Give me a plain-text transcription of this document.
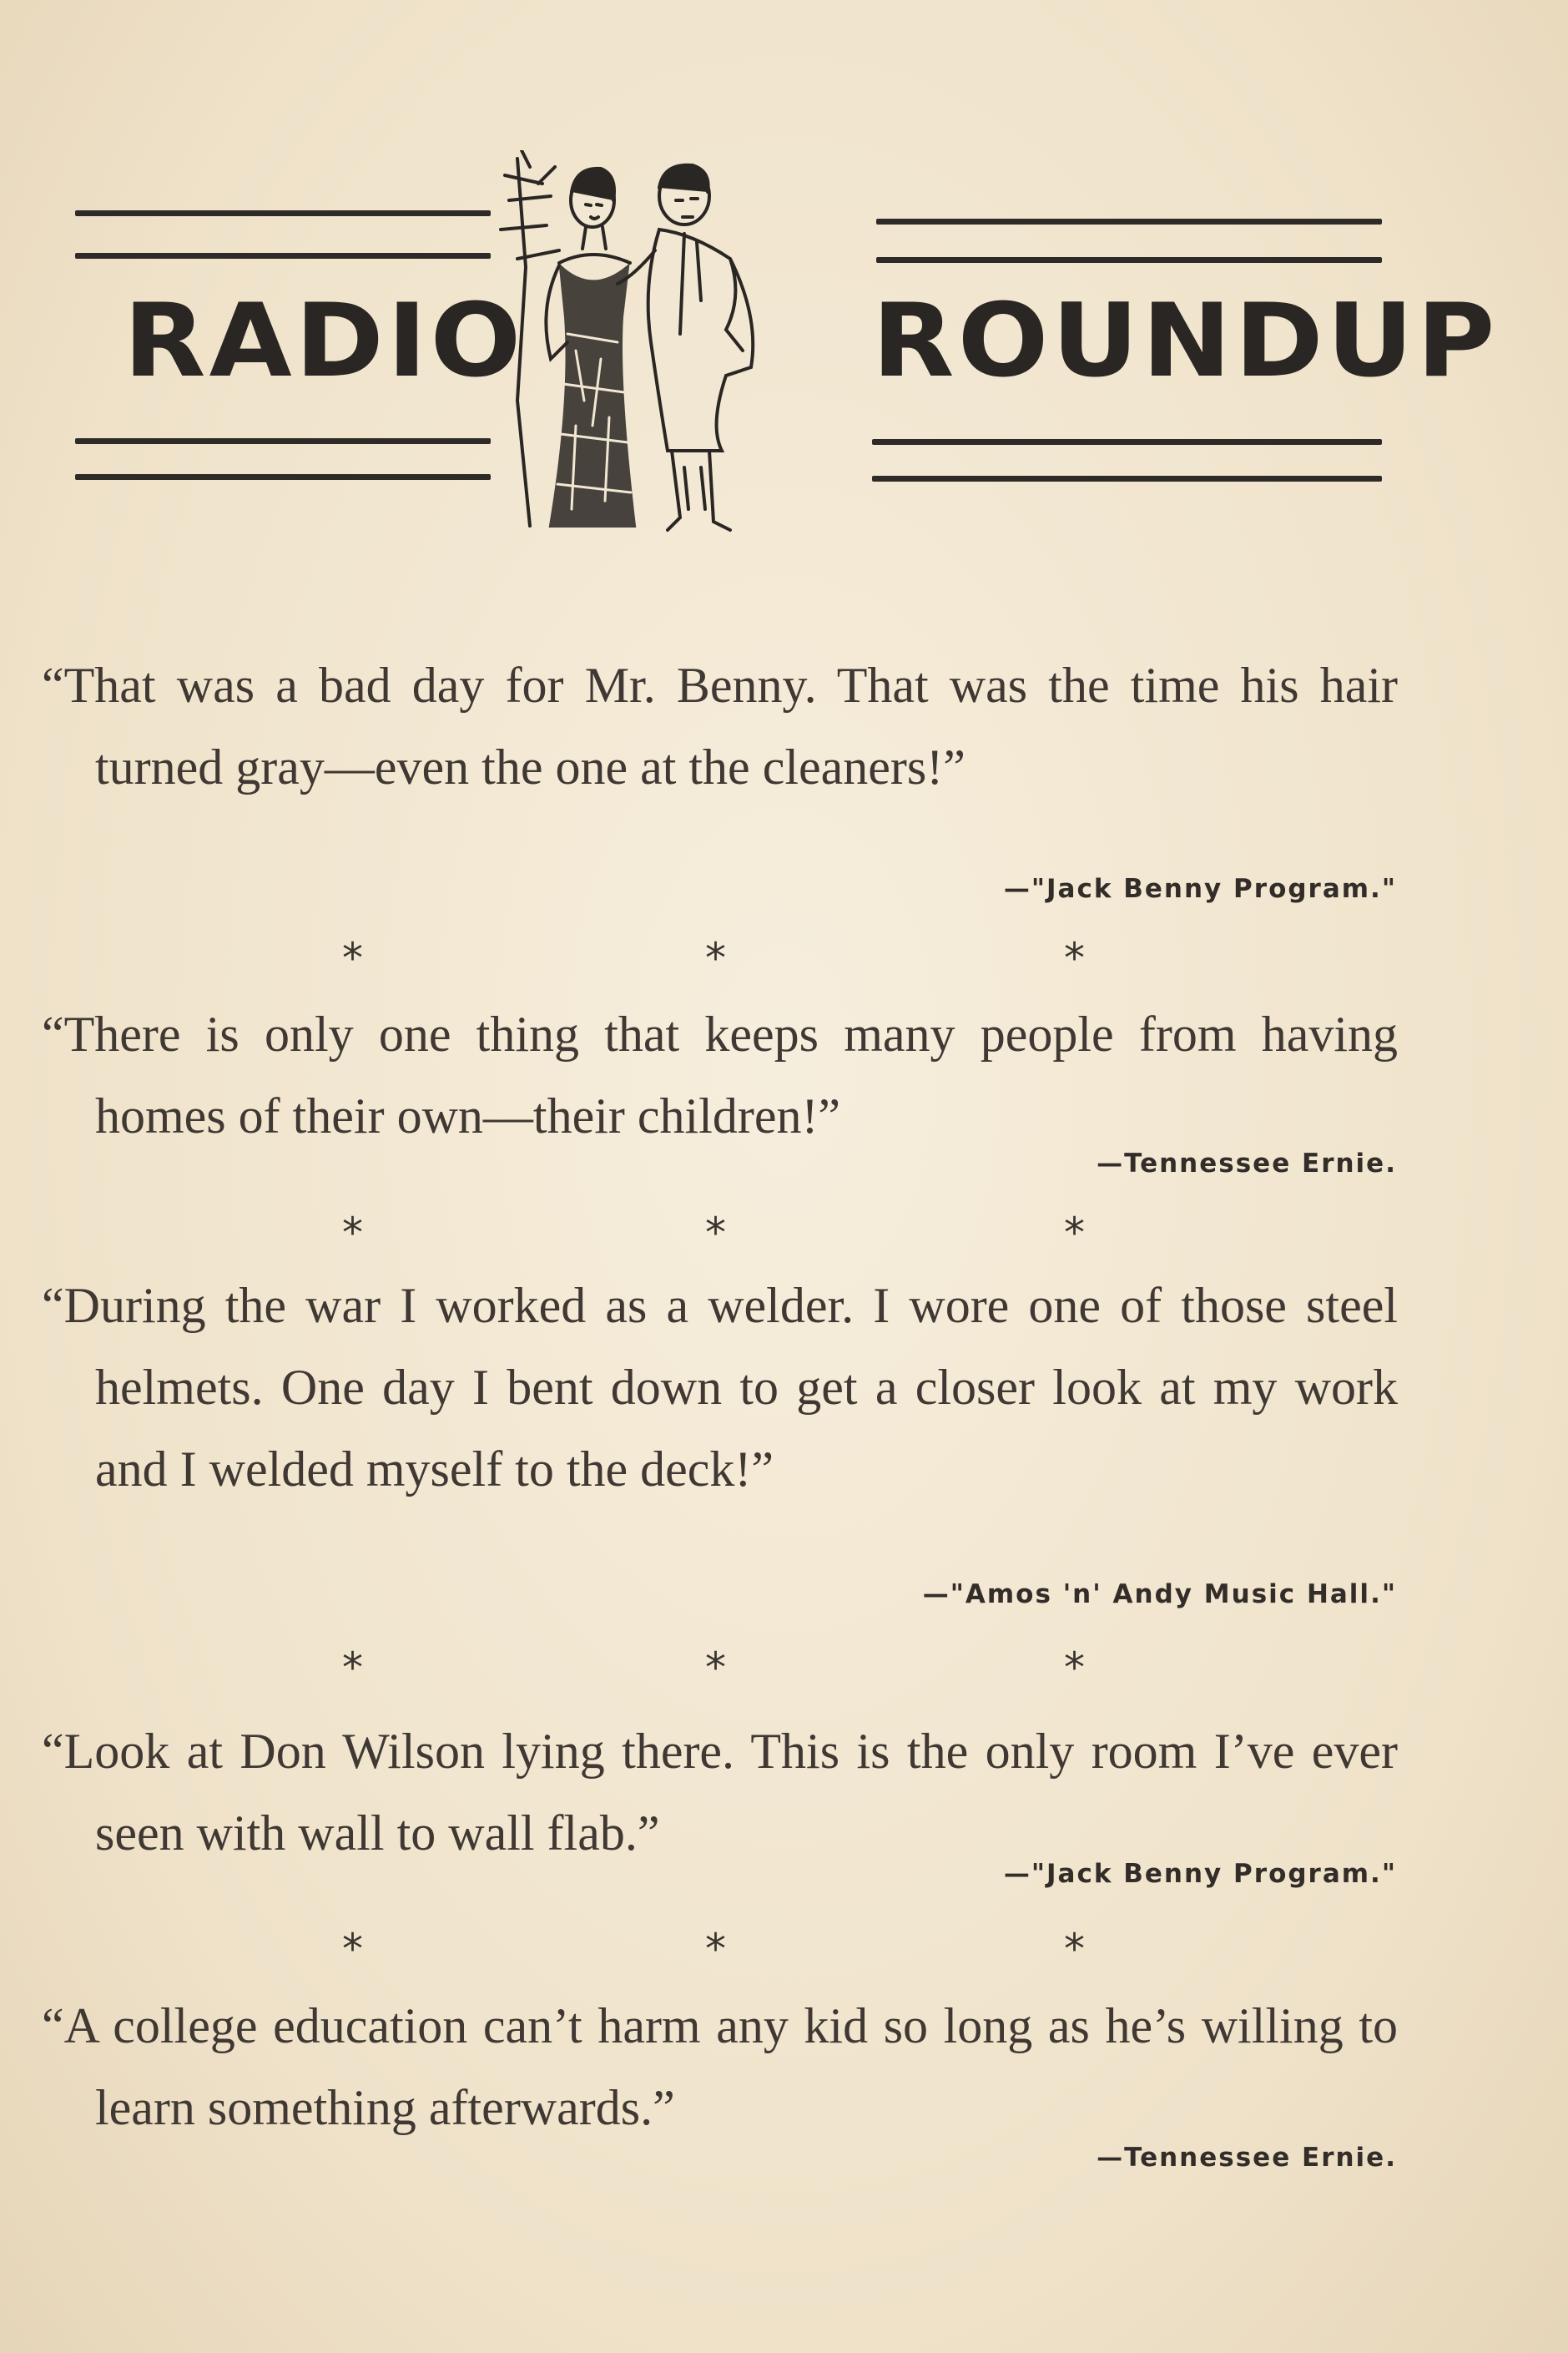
RADIO	ROUNDUP

“That was a bad day for Mr. Benny. That was the time his hair turned gray—even the one at the cleaners!”

—"Jack Benny Program."
*	*	*

“There is only one thing that keeps many people from having homes of their own—their children!”

—Tennessee Ernie.
*	*	*

“During the war I worked as a welder. I wore one of those steel helmets. One day I bent down to get a closer look at my work and I welded myself to the deck!”

—"Amos 'n' Andy Music Hall."
*	*	*

“Look at Don Wilson lying there. This is the only room I’ve ever seen with wall to wall flab.”

—"Jack Benny Program."
*	*	*

“A college education can’t harm any kid so long as he’s willing to learn something afterwards.”

—Tennessee Ernie.
